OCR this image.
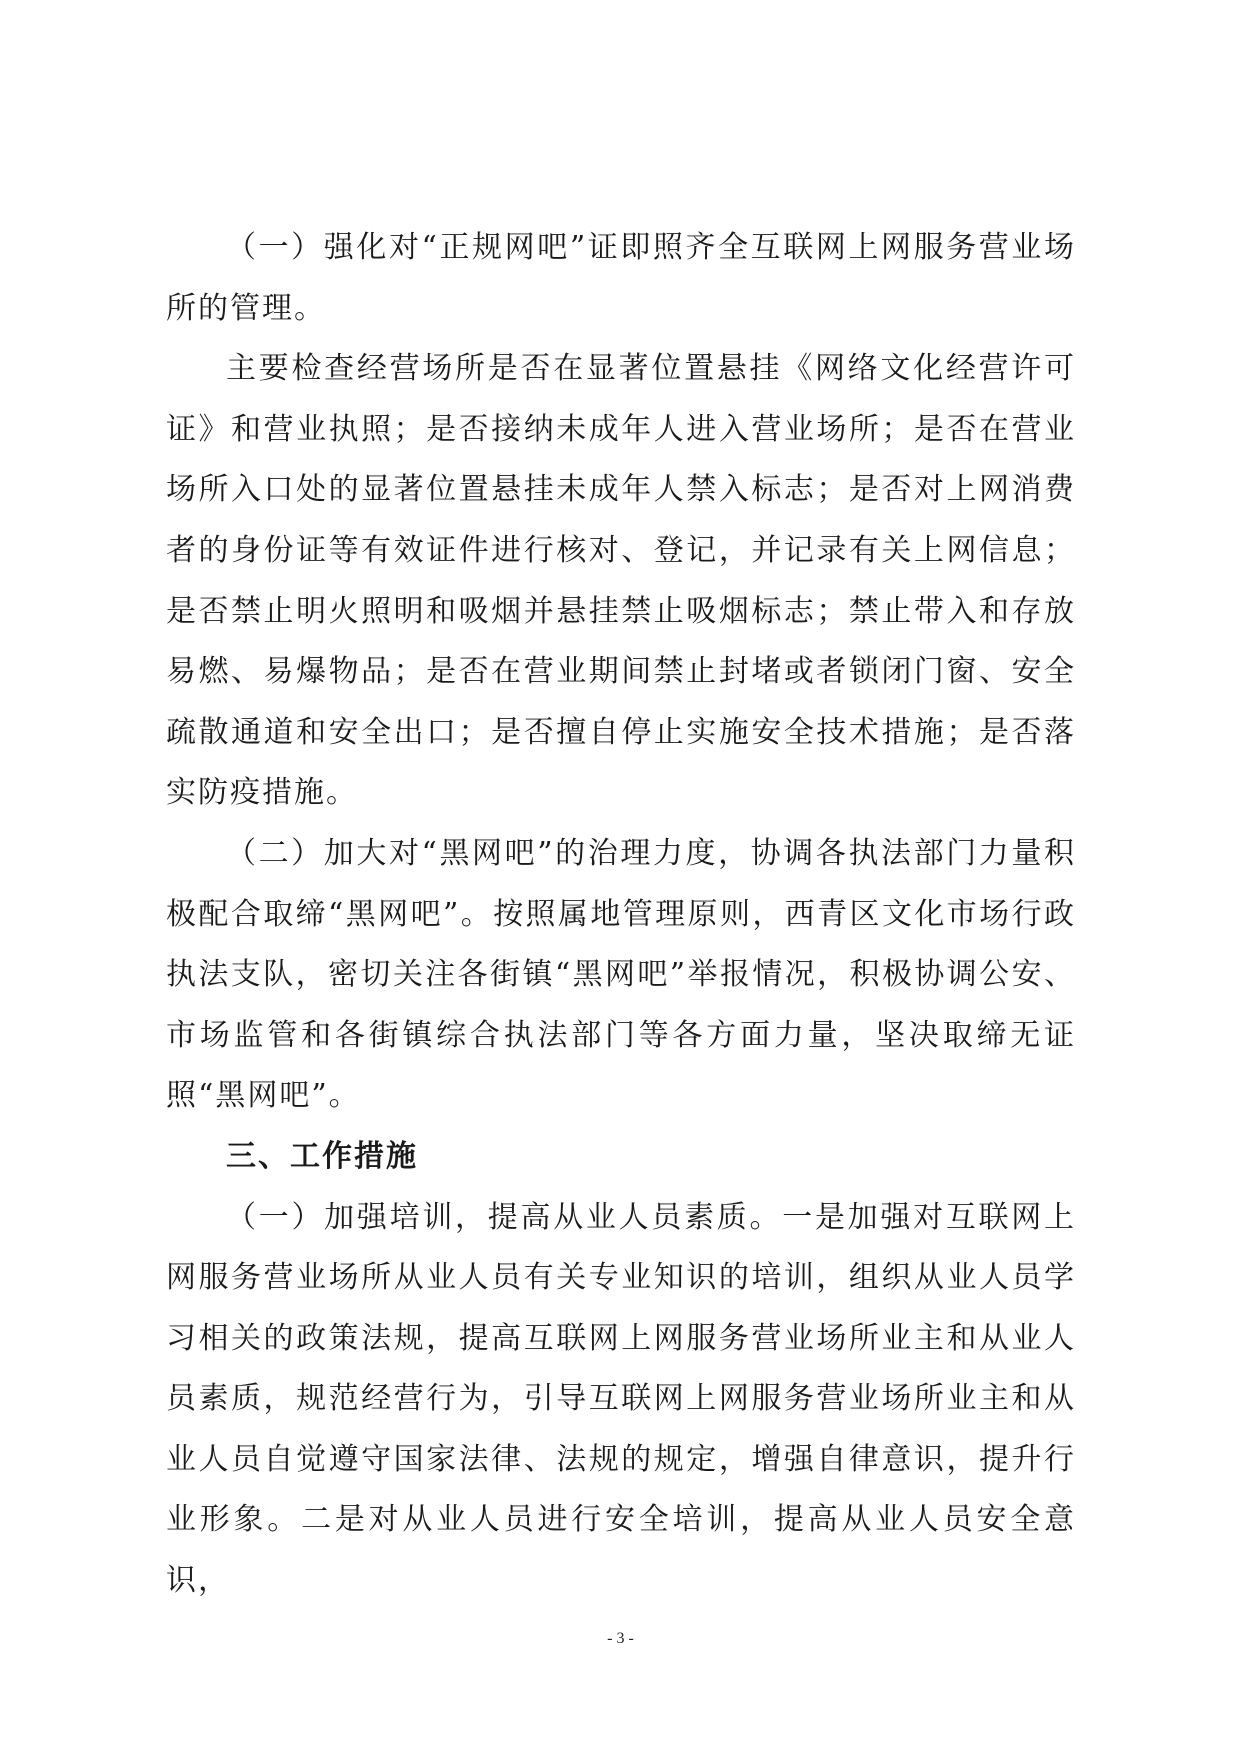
（一）强化对“正规网吧”证即照齐全互联网上网服务营业场所的管理。

主要检查经营场所是否在显著位置悬挂《网络文化经营许可证》和营业执照；是否接纳未成年人进入营业场所；是否在营业场所入口处的显著位置悬挂未成年人禁入标志；是否对上网消费者的身份证等有效证件进行核对、登记，并记录有关上网信息；是否禁止明火照明和吸烟并悬挂禁止吸烟标志；禁止带入和存放易燃、易爆物品；是否在营业期间禁止封堵或者锁闭门窗、安全疏散通道和安全出口；是否擅自停止实施安全技术措施；是否落实防疫措施。

（二）加大对“黑网吧”的治理力度，协调各执法部门力量积极配合取缔“黑网吧”。按照属地管理原则，西青区文化市场行政执法支队，密切关注各街镇“黑网吧”举报情况，积极协调公安、市场监管和各街镇综合执法部门等各方面力量，坚决取缔无证照“黑网吧”。

三、工作措施

（一）加强培训，提高从业人员素质。一是加强对互联网上网服务营业场所从业人员有关专业知识的培训，组织从业人员学习相关的政策法规，提高互联网上网服务营业场所业主和从业人员素质，规范经营行为，引导互联网上网服务营业场所业主和从业人员自觉遵守国家法律、法规的规定，增强自律意识，提升行业形象。二是对从业人员进行安全培训，提高从业人员安全意识，

- 3 -
